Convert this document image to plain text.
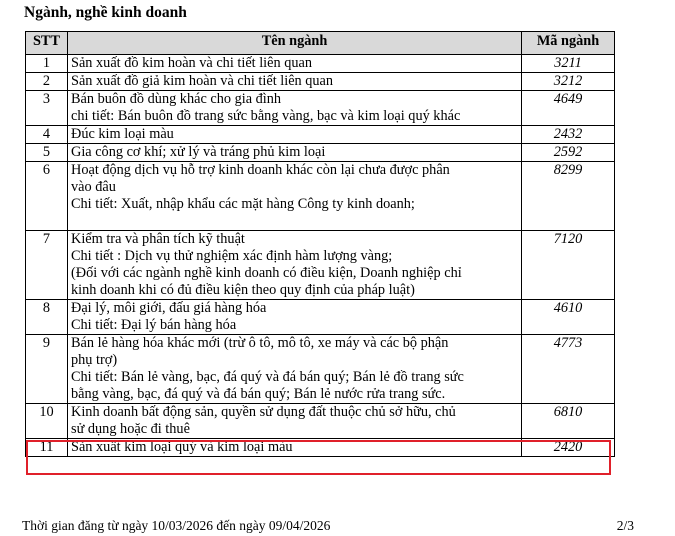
Ngành, nghề kinh doanh
STT	Tên ngành	Mã ngành
1	Sản xuất đồ kim hoàn và chi tiết liên quan	3211
2	Sản xuất đồ giả kim hoàn và chi tiết liên quan	3212
3	Bán buôn đồ dùng khác cho gia đình
chi tiết: Bán buôn đồ trang sức bằng vàng, bạc và kim loại quý khác	4649
4	Đúc kim loại màu	2432
5	Gia công cơ khí; xử lý và tráng phủ kim loại	2592
6	Hoạt động dịch vụ hỗ trợ kinh doanh khác còn lại chưa được phân
vào đâu
Chi tiết: Xuất, nhập khẩu các mặt hàng Công ty kinh doanh;	8299
7	Kiểm tra và phân tích kỹ thuật
Chi tiết : Dịch vụ thử nghiệm xác định hàm lượng vàng;
(Đối với các ngành nghề kinh doanh có điều kiện, Doanh nghiệp chỉ
kinh doanh khi có đủ điều kiện theo quy định của pháp luật)	7120
8	Đại lý, môi giới, đấu giá hàng hóa
Chi tiết: Đại lý bán hàng hóa	4610
9	Bán lẻ hàng hóa khác mới (trừ ô tô, mô tô, xe máy và các bộ phận
phụ trợ)
Chi tiết: Bán lẻ vàng, bạc, đá quý và đá bán quý; Bán lẻ đồ trang sức
bằng vàng, bạc, đá quý và đá bán quý; Bán lẻ nước rửa trang sức.	4773
10	Kinh doanh bất động sản, quyền sử dụng đất thuộc chủ sở hữu, chủ
sử dụng hoặc đi thuê	6810
11	Sản xuất kim loại quý và kim loại màu	2420
Thời gian đăng từ ngày 10/03/2026 đến ngày 09/04/2026	2/3
